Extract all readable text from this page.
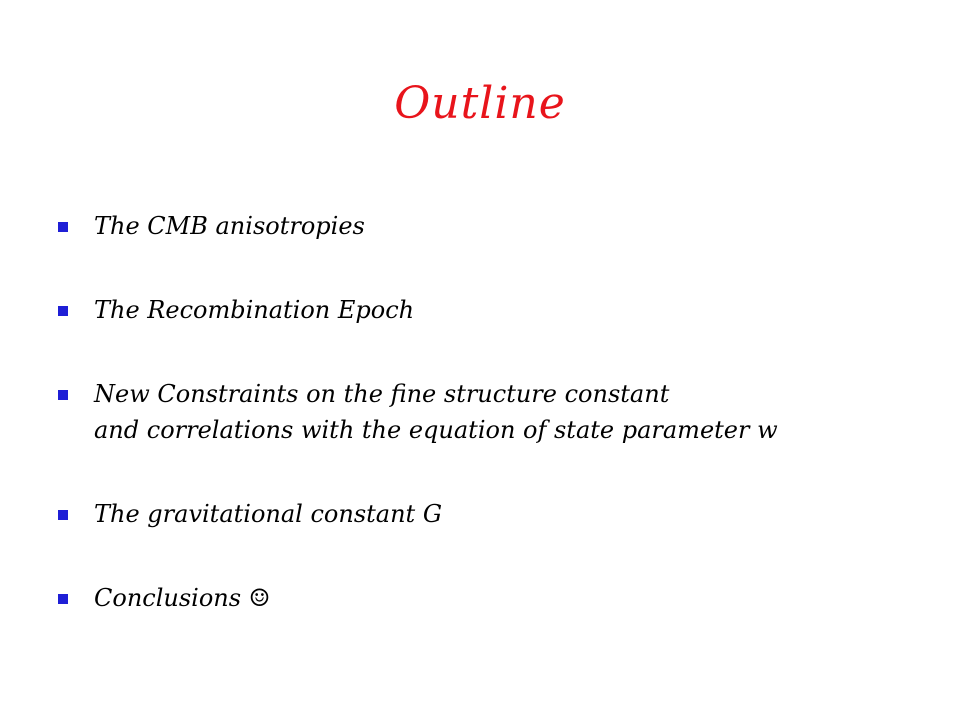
Outline
The CMB anisotropies
The Recombination Epoch
New Constraints on the fine structure constant
and correlations with the equation of state parameter w
The gravitational constant G
Conclusions ☺
